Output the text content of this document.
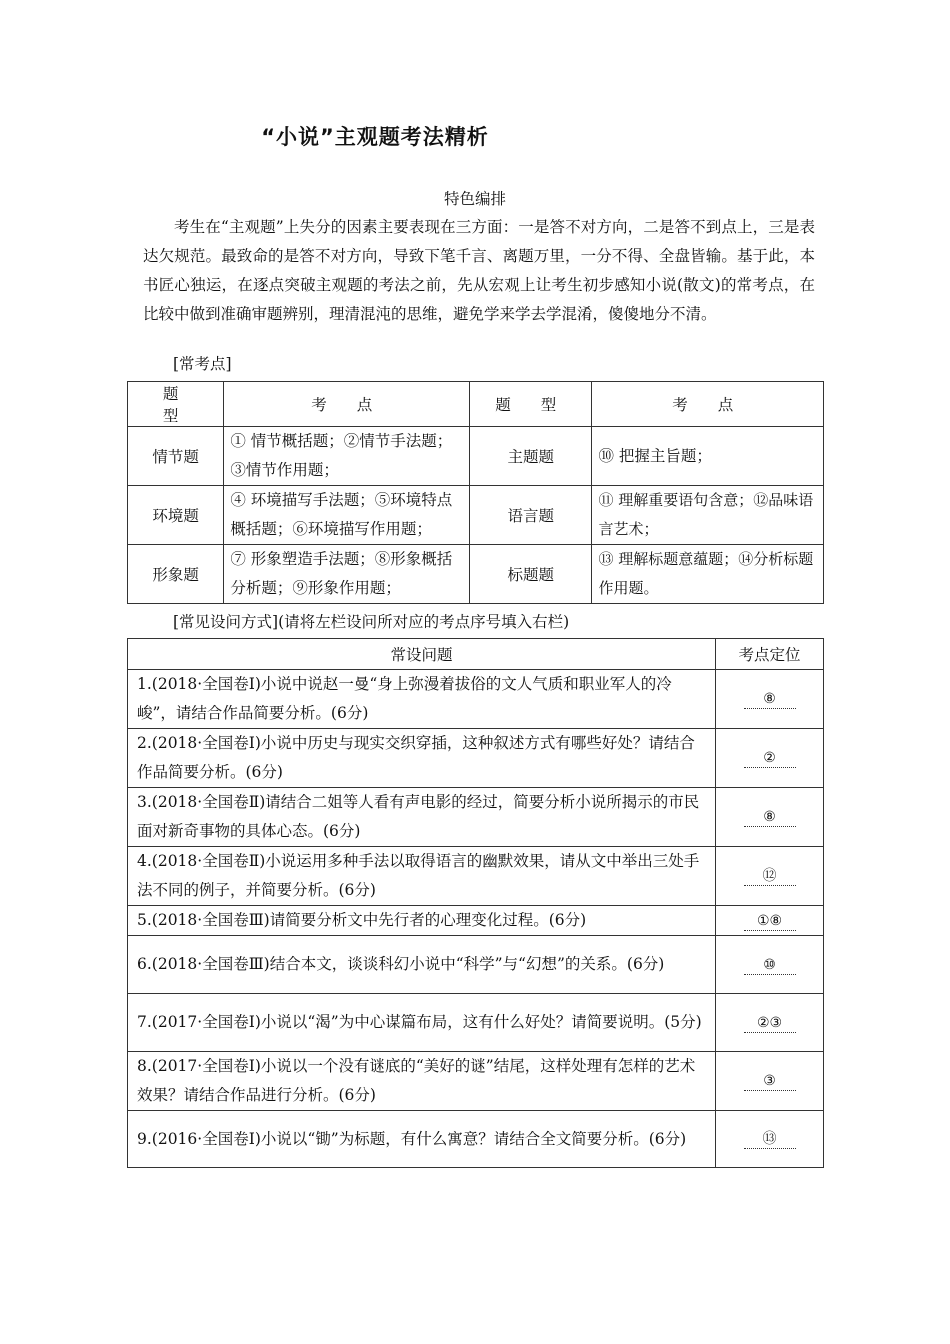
“小说”主观题考法精析
特色编排
考生在“主观题”上失分的因素主要表现在三方面：一是答不对方向，二是答不到点上，三是表达欠规范。最致命的是答不对方向，导致下笔千言、离题万里，一分不得、全盘皆输。基于此，本书匠心独运，在逐点突破主观题的考法之前，先从宏观上让考生初步感知小说(散文)的常考点，在比较中做到准确审题辨别，理清混沌的思维，避免学来学去学混淆，傻傻地分不清。
[常考点]
题型	考点	题型	考点
情节题	① 情节概括题；②情节手法题；③情节作用题；	主题题	⑩ 把握主旨题；
环境题	④ 环境描写手法题；⑤环境特点概括题；⑥环境描写作用题；	语言题	⑪ 理解重要语句含意；⑫品味语言艺术；
形象题	⑦ 形象塑造手法题；⑧形象概括分析题；⑨形象作用题；	标题题	⑬ 理解标题意蕴题；⑭分析标题作用题。
[常见设问方式](请将左栏设问所对应的考点序号填入右栏)
常设问题	考点定位
1.(2018·全国卷Ⅰ)小说中说赵一曼“身上弥漫着拔俗的文人气质和职业军人的冷峻”，请结合作品简要分析。(6分)	⑧
2.(2018·全国卷Ⅰ)小说中历史与现实交织穿插，这种叙述方式有哪些好处？请结合作品简要分析。(6分)	②
3.(2018·全国卷Ⅱ)请结合二姐等人看有声电影的经过，简要分析小说所揭示的市民面对新奇事物的具体心态。(6分)	⑧
4.(2018·全国卷Ⅱ)小说运用多种手法以取得语言的幽默效果，请从文中举出三处手法不同的例子，并简要分析。(6分)	⑫
5.(2018·全国卷Ⅲ)请简要分析文中先行者的心理变化过程。(6分)	①⑧
6.(2018·全国卷Ⅲ)结合本文，谈谈科幻小说中“科学”与“幻想”的关系。(6分)	⑩
7.(2017·全国卷Ⅰ)小说以“渴”为中心谋篇布局，这有什么好处？请简要说明。(5分)	②③
8.(2017·全国卷Ⅰ)小说以一个没有谜底的“美好的谜”结尾，这样处理有怎样的艺术效果？请结合作品进行分析。(6分)	③
9.(2016·全国卷Ⅰ)小说以“锄”为标题，有什么寓意？请结合全文简要分析。(6分)	⑬
